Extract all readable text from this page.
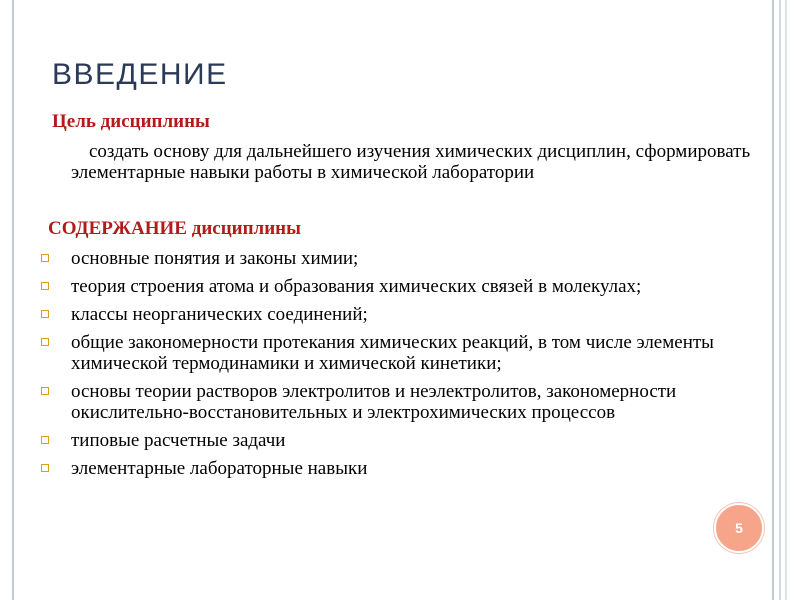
ВВЕДЕНИЕ
Цель дисциплины
создать основу для дальнейшего изучения химических дисциплин, сформировать элементарные навыки работы в химической лаборатории
СОДЕРЖАНИЕ дисциплины
основные понятия и законы химии;
теория строения атома и образования химических связей в молекулах;
классы неорганических соединений;
общие закономерности протекания химических реакций, в том числе элементы химической термодинамики и химической кинетики;
основы теории растворов электролитов и неэлектролитов, закономерности окислительно-восстановительных и электрохимических процессов
типовые расчетные задачи
элементарные лабораторные навыки
5
